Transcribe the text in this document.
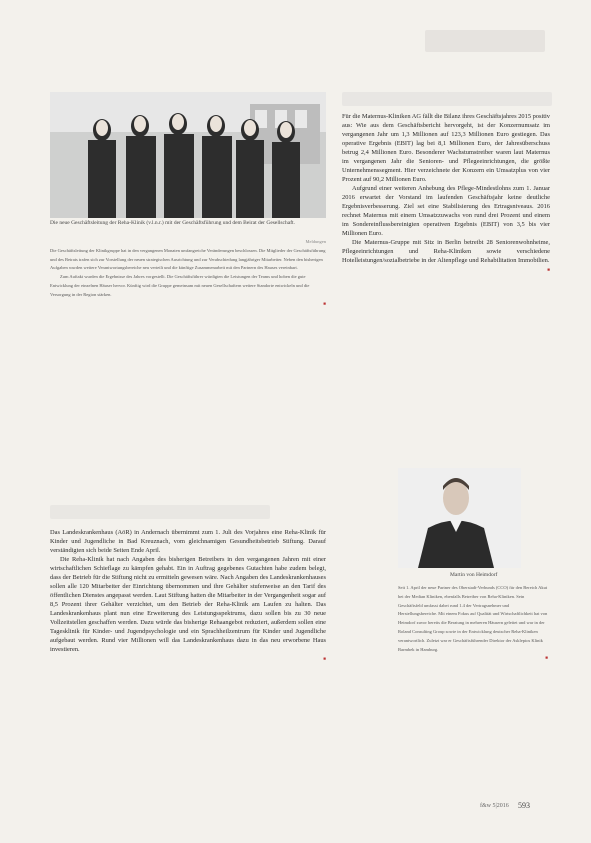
Die neue Geschäftsleitung der Reha-Klinik (v.l.n.r.) mit der Geschäftsführung und dem Beirat der Gesellschaft.
Meldungen

Die Geschäftsleitung der Klinikgruppe hat in den vergangenen Monaten umfangreiche Veränderungen beschlossen. Die Mitglieder der Geschäftsführung und des Beirats trafen sich zur Vorstellung der neuen strategischen Ausrichtung und zur Verabschiedung langjähriger Mitarbeiter. Neben den bisherigen Aufgaben wurden weitere Verantwortungsbereiche neu verteilt und die künftige Zusammenarbeit mit den Partnern des Hauses vereinbart.

Zum Auftakt wurden die Ergebnisse des Jahres vorgestellt. Die Geschäftsführer würdigten die Leistungen der Teams und hoben die gute Entwicklung der einzelnen Häuser hervor. Künftig wird die Gruppe gemeinsam mit neuen Gesellschaftern weitere Standorte entwickeln und die Versorgung in der Region stärken.

■

Für die Maternus-Kliniken AG fällt die Bilanz ihres Geschäftsjahres 2015 positiv aus: Wie aus dem Geschäftsbericht hervorgeht, ist der Konzernumsatz im vergangenen Jahr um 1,3 Millionen auf 123,3 Millionen Euro gestiegen. Das operative Ergebnis (EBIT) lag bei 8,1 Millionen Euro, der Jahresüberschuss betrug 2,4 Millionen Euro. Besonderer Wachstumstreiber waren laut Maternus im vergangenen Jahr die Senioren- und Pflegeeinrichtungen, die größte Unternehmenssegment. Hier verzeichnete der Konzern ein Umsatzplus von vier Prozent auf 90,2 Millionen Euro.

Aufgrund einer weiteren Anhebung des Pflege-Mindestlohns zum 1. Januar 2016 erwartet der Vorstand im laufenden Geschäftsjahr keine deutliche Ergebnisverbesserung. Ziel sei eine Stabilisierung des Ertragsniveaus. 2016 rechnet Maternus mit einem Umsatzzuwachs von rund drei Prozent und einem im Sondereinflussbereinigten operativen Ergebnis (EBIT) von 3,5 bis vier Millionen Euro.

Die Maternus-Gruppe mit Sitz in Berlin betreibt 28 Seniorenwohnheime, Pflegeeinrichtungen und Reha-Kliniken sowie verschiedene Hotelleistungen/sozialbetriebe in der Altenpflege und Rehabilitation Immobilien.

■

Das Landeskrankenhaus (AöR) in Andernach übernimmt zum 1. Juli des Vorjahres eine Reha-Klinik für Kinder und Jugendliche in Bad Kreuznach, vom gleichnamigen Gesundheitsbetrieb Stiftung. Darauf verständigten sich beide Seiten Ende April.

Die Reha-Klinik hat nach Angaben des bisherigen Betreibers in den vergangenen Jahren mit einer wirtschaftlichen Schieflage zu kämpfen gehabt. Ein in Auftrag gegebenes Gutachten habe zudem belegt, dass der Betrieb für die Stiftung nicht zu ermitteln gewesen wäre. Nach Angaben des Landeskrankenhauses sollen alle 120 Mitarbeiter der Einrichtung übernommen und ihre Gehälter stufenweise an den Tarif des öffentlichen Dienstes angepasst werden. Laut Stiftung hatten die Mitarbeiter in der Vergangenheit sogar auf 8,5 Prozent ihrer Gehälter verzichtet, um den Betrieb der Reha-Klinik am Laufen zu halten. Das Landeskrankenhaus plant nun eine Erweiterung des Leistungsspektrums, dazu sollen bis zu 30 neue Vollzeitstellen geschaffen werden. Dazu würde das bisherige Rehaangebot reduziert, außerdem sollen eine Tagesklinik für Kinder- und Jugendpsychologie und ein Sprachheilzentrum für Kinder und Jugendliche aufgebaut werden. Rund vier Millionen will das Landeskrankenhaus dazu in das neu erworbene Haus investieren.

■
Martin von Heimdorf

Seit 1. April der neue Partner des Oberstadt-Verbunds (CCO) für den Bereich Akut bei der Median Kliniken, ebenfalls Betreiber von Reha-Kliniken. Sein Geschäftsfeld umfasst dabei rund 1.4 der Vertragsnehmer und Herstellungsbereiche. Mit einem Fokus auf Qualität und Wirtschaftlichkeit hat von Heimdorf zuvor bereits die Beratung in mehreren Häusern geleitet und war in der Roland Consulting Group sowie in der Entwicklung deutscher Reha-Kliniken verantwortlich. Zuletzt war er Geschäftsführender Direktor der Asklepios Klinik Barmbek in Hamburg.

■
f&w 5|2016 593
